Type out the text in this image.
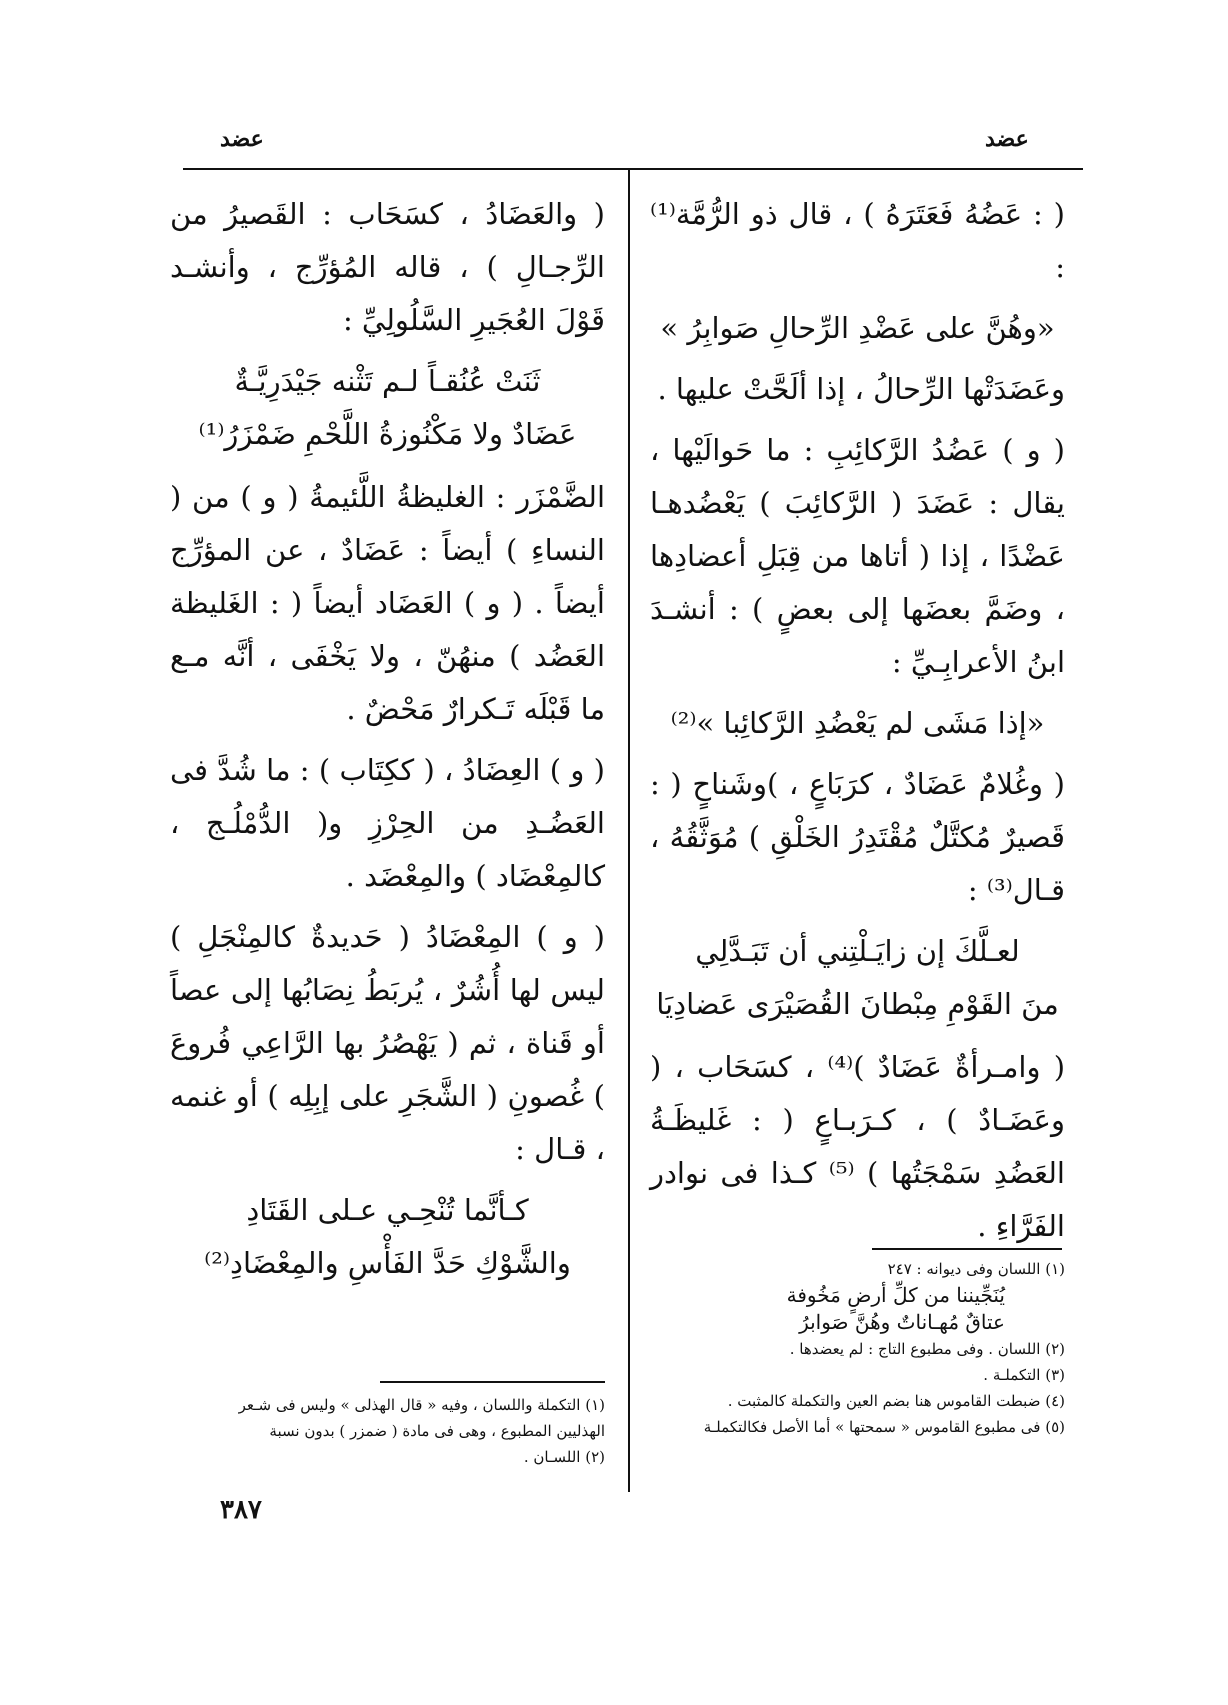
عضد
عضد

( : عَضُهُ فَعَتَرَهُ ) ، قال ذو الرُّمَّة⁽¹⁾ :

«وهُنَّ على عَضْدِ الرِّحالِ صَوابِرُ »

وعَضَدَتْها الرِّحالُ ، إذا ألَحَّتْ عليها .

( و ) عَضُدُ الرَّكائِبِ : ما حَوالَيْها ، يقال : عَضَدَ ( الرَّكائِبَ ) يَعْضُدهـا عَضْدًا ، إذا ( أتاها من قِبَلِ أعضادِها ، وضَمَّ بعضَها إلى بعضٍ ) : أنشـدَ ابنُ الأعرابِـيِّ :

«إذا مَشَى لم يَعْضُدِ الرَّكائِبا »⁽²⁾

( وغُلامٌ عَضَادٌ ، كرَبَاعٍ ، )وشَناحٍ ( : قَصيرٌ مُكتَّلٌ مُقْتَدِرُ الخَلْقِ ) مُوَثَّقُهُ ، قـال⁽³⁾ :

لعـلَّكَ إن زايَـلْتِني أن تَبَـدَّلِي
منَ القَوْمِ مِبْطانَ القُصَيْرَى عَضادِيَا

( وامـرأةٌ عَضَادٌ )⁽⁴⁾ ، كسَحَاب ، ( وعَضَـادٌ ) ، كـرَبـاعٍ ( : غَليظَـةُ العَضُدِ سَمْجَتُها ) ⁽⁵⁾ كـذا فى نوادر الفَرَّاءِ .

( والعَضَادُ ، كسَحَاب : القَصيرُ من الرِّجـالِ ) ، قاله المُؤرِّج ، وأنشـد قَوْلَ العُجَيرِ السَّلُولِيِّ :

ثَنَتْ عُنُقـاً لـم تَثْنه جَيْدَرِيَّـةٌ
عَضَادٌ ولا مَكْنُوزةُ اللَّحْمِ ضَمْزَرُ⁽¹⁾

الضَّمْزَر : الغليظةُ اللَّئيمةُ ( و ) من ( النساءِ ) أيضاً : عَضَادٌ ، عن المؤرِّج أيضاً . ( و ) العَضَاد أيضاً ( : الغَليظة العَضُد ) منهُنّ ، ولا يَخْفَى ، أنَّه مـع ما قَبْلَه تَـكرارٌ مَحْضٌ .

( و ) العِضَادُ ، ( ككِتَاب ) : ما شُدَّ فى العَضُـدِ من الحِرْزِ و( الدُّمْلُـج ، كالمِعْضَاد ) والمِعْضَد .

( و ) المِعْضَادُ ( حَديدةٌ كالمِنْجَلِ ) ليس لها أُشُرٌ ، يُربَطُ نِصَابُها إلى عصاً أو قَناة ، ثم ( يَهْصُرُ بها الرَّاعِي فُروعَ ) غُصونِ ( الشَّجَرِ على إبِلِه ) أو غنمه ، قـال :

كـأنَّما تُنْحِـي عـلى القَتَادِ
والشَّوْكِ حَدَّ الفَأْسِ والمِعْضَادِ⁽²⁾	(١) اللسان وفى ديوانه : ٢٤٧
يُنَجِّيننا من كلِّ أرضٍ مَخُوفة
عتاقٌ مُهـاناتٌ وهُنَّ صَوابرُ
(٢) اللسان . وفى مطبوع التاج : لم يعضدها .
(٣) التكملـة .
(٤) ضبطت القاموس هنا بضم العين والتكملة كالمثبت .
(٥) فى مطبوع القاموس « سمحتها » أما الأصل فكالتكملـة
(١) التكملة واللسان ، وفيه « قال الهذلى » وليس فى شـعر
الهذليين المطبوع ، وهى فى مادة ( ضمزر ) بدون نسبة
(٢) اللسـان .
٣٨٧
